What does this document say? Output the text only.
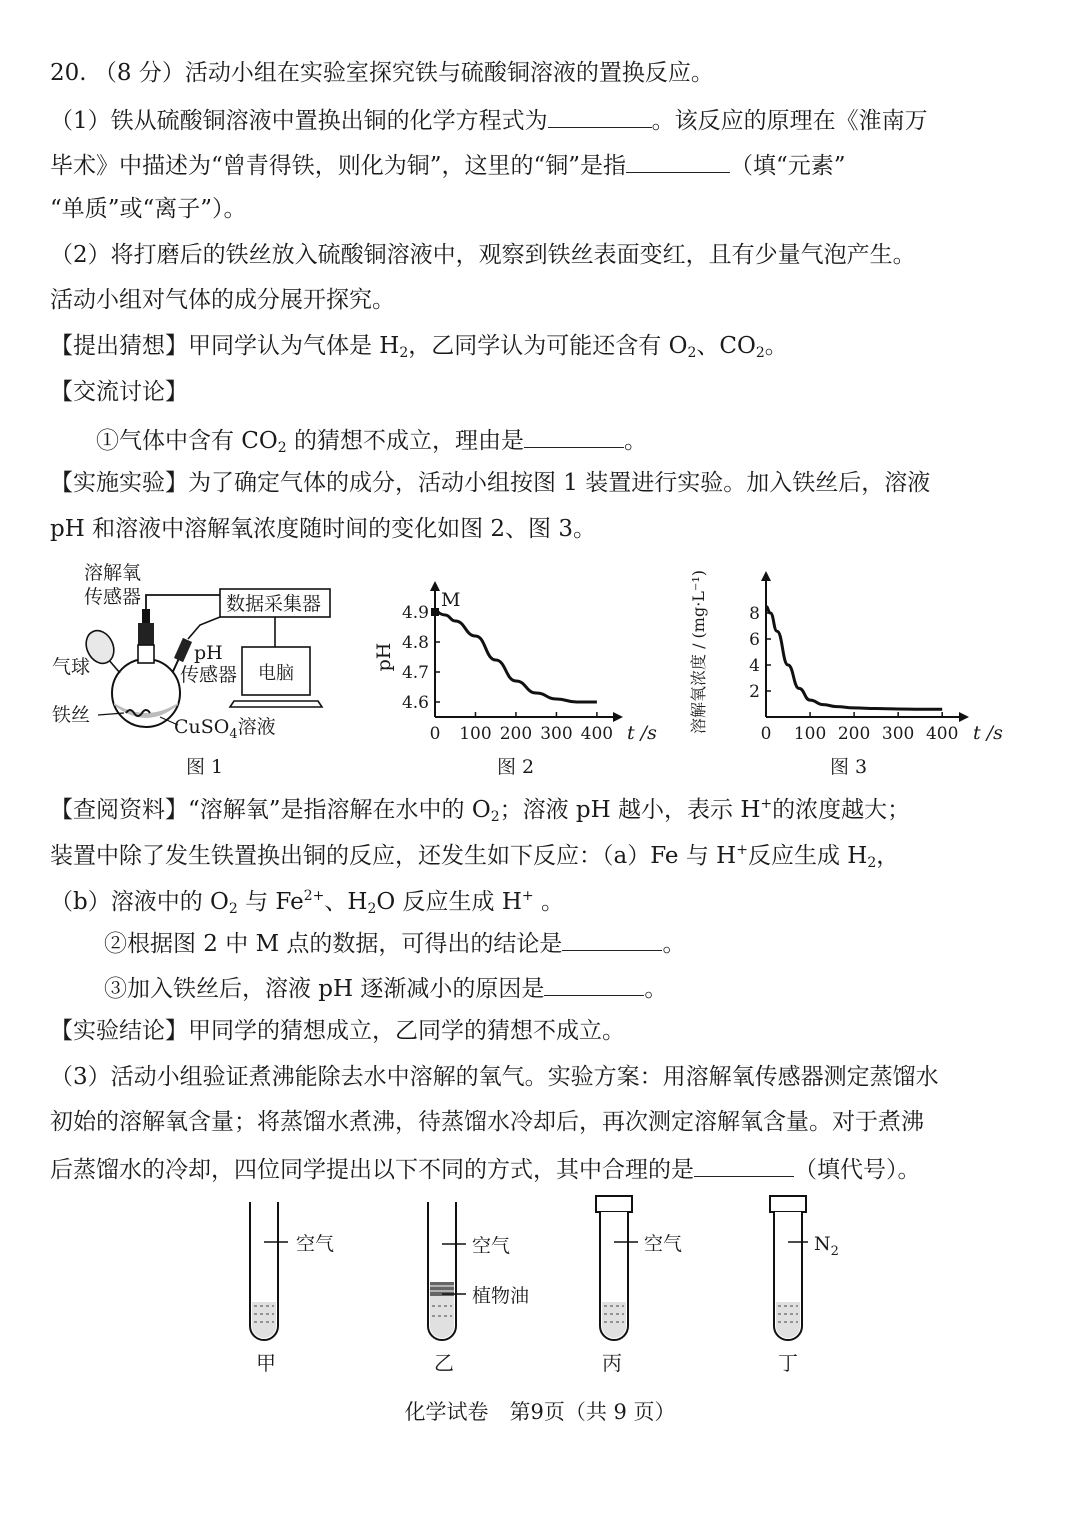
20. （8 分）活动小组在实验室探究铁与硫酸铜溶液的置换反应。
（1）铁从硫酸铜溶液中置换出铜的化学方程式为	。该反应的原理在《淮南万
毕术》中描述为“曾青得铁，则化为铜”，这里的“铜”是指	（填“元素”
“单质”或“离子”）。
（2）将打磨后的铁丝放入硫酸铜溶液中，观察到铁丝表面变红，且有少量气泡产生。
活动小组对气体的成分展开探究。
【提出猜想】甲同学认为气体是 $H_2$，乙同学认为可能还含有 $O_2$、$CO_2$。
【交流讨论】
①气体中含有 $CO_2$ 的猜想不成立，理由是	。
【实施实验】为了确定气体的成分，活动小组按图 1 装置进行实验。加入铁丝后，溶液
pH 和溶液中溶解氧浓度随时间的变化如图 2、图 3。
溶解氧
传感器	数据采集器
电脑
pH
传感器
气球
铁丝
CuSO$_4$溶液
图 1
0 100 200 300 400
4.6
4.7
4.8
4.9
t /s
pH
M
图 2
0 100 200 300 400
2
4
6
8
t /s
溶解氧浓度 / (mg·L⁻¹)
图 3
【查阅资料】“溶解氧”是指溶解在水中的 $O_2$；溶液 pH 越小，表示 H+的浓度越大；
装置中除了发生铁置换出铜的反应，还发生如下反应：（a）Fe 与 H+反应生成 $H_2$，
（b）溶液中的 $O_2$ 与 $Fe^{2+}$、$H_2O$ 反应生成 H+ 。
②根据图 2 中 M 点的数据，可得出的结论是	。
③加入铁丝后，溶液 pH 逐渐减小的原因是	。
【实验结论】甲同学的猜想成立，乙同学的猜想不成立。
（3）活动小组验证煮沸能除去水中溶解的氧气。实验方案：用溶解氧传感器测定蒸馏水
初始的溶解氧含量；将蒸馏水煮沸，待蒸馏水冷却后，再次测定溶解氧含量。对于煮沸
后蒸馏水的冷却，四位同学提出以下不同的方式，其中合理的是	（填代号）。
空气
甲
空气
植物油
乙
空气
丙
$N_2$
丁
化学试卷　第9页（共 9 页）
